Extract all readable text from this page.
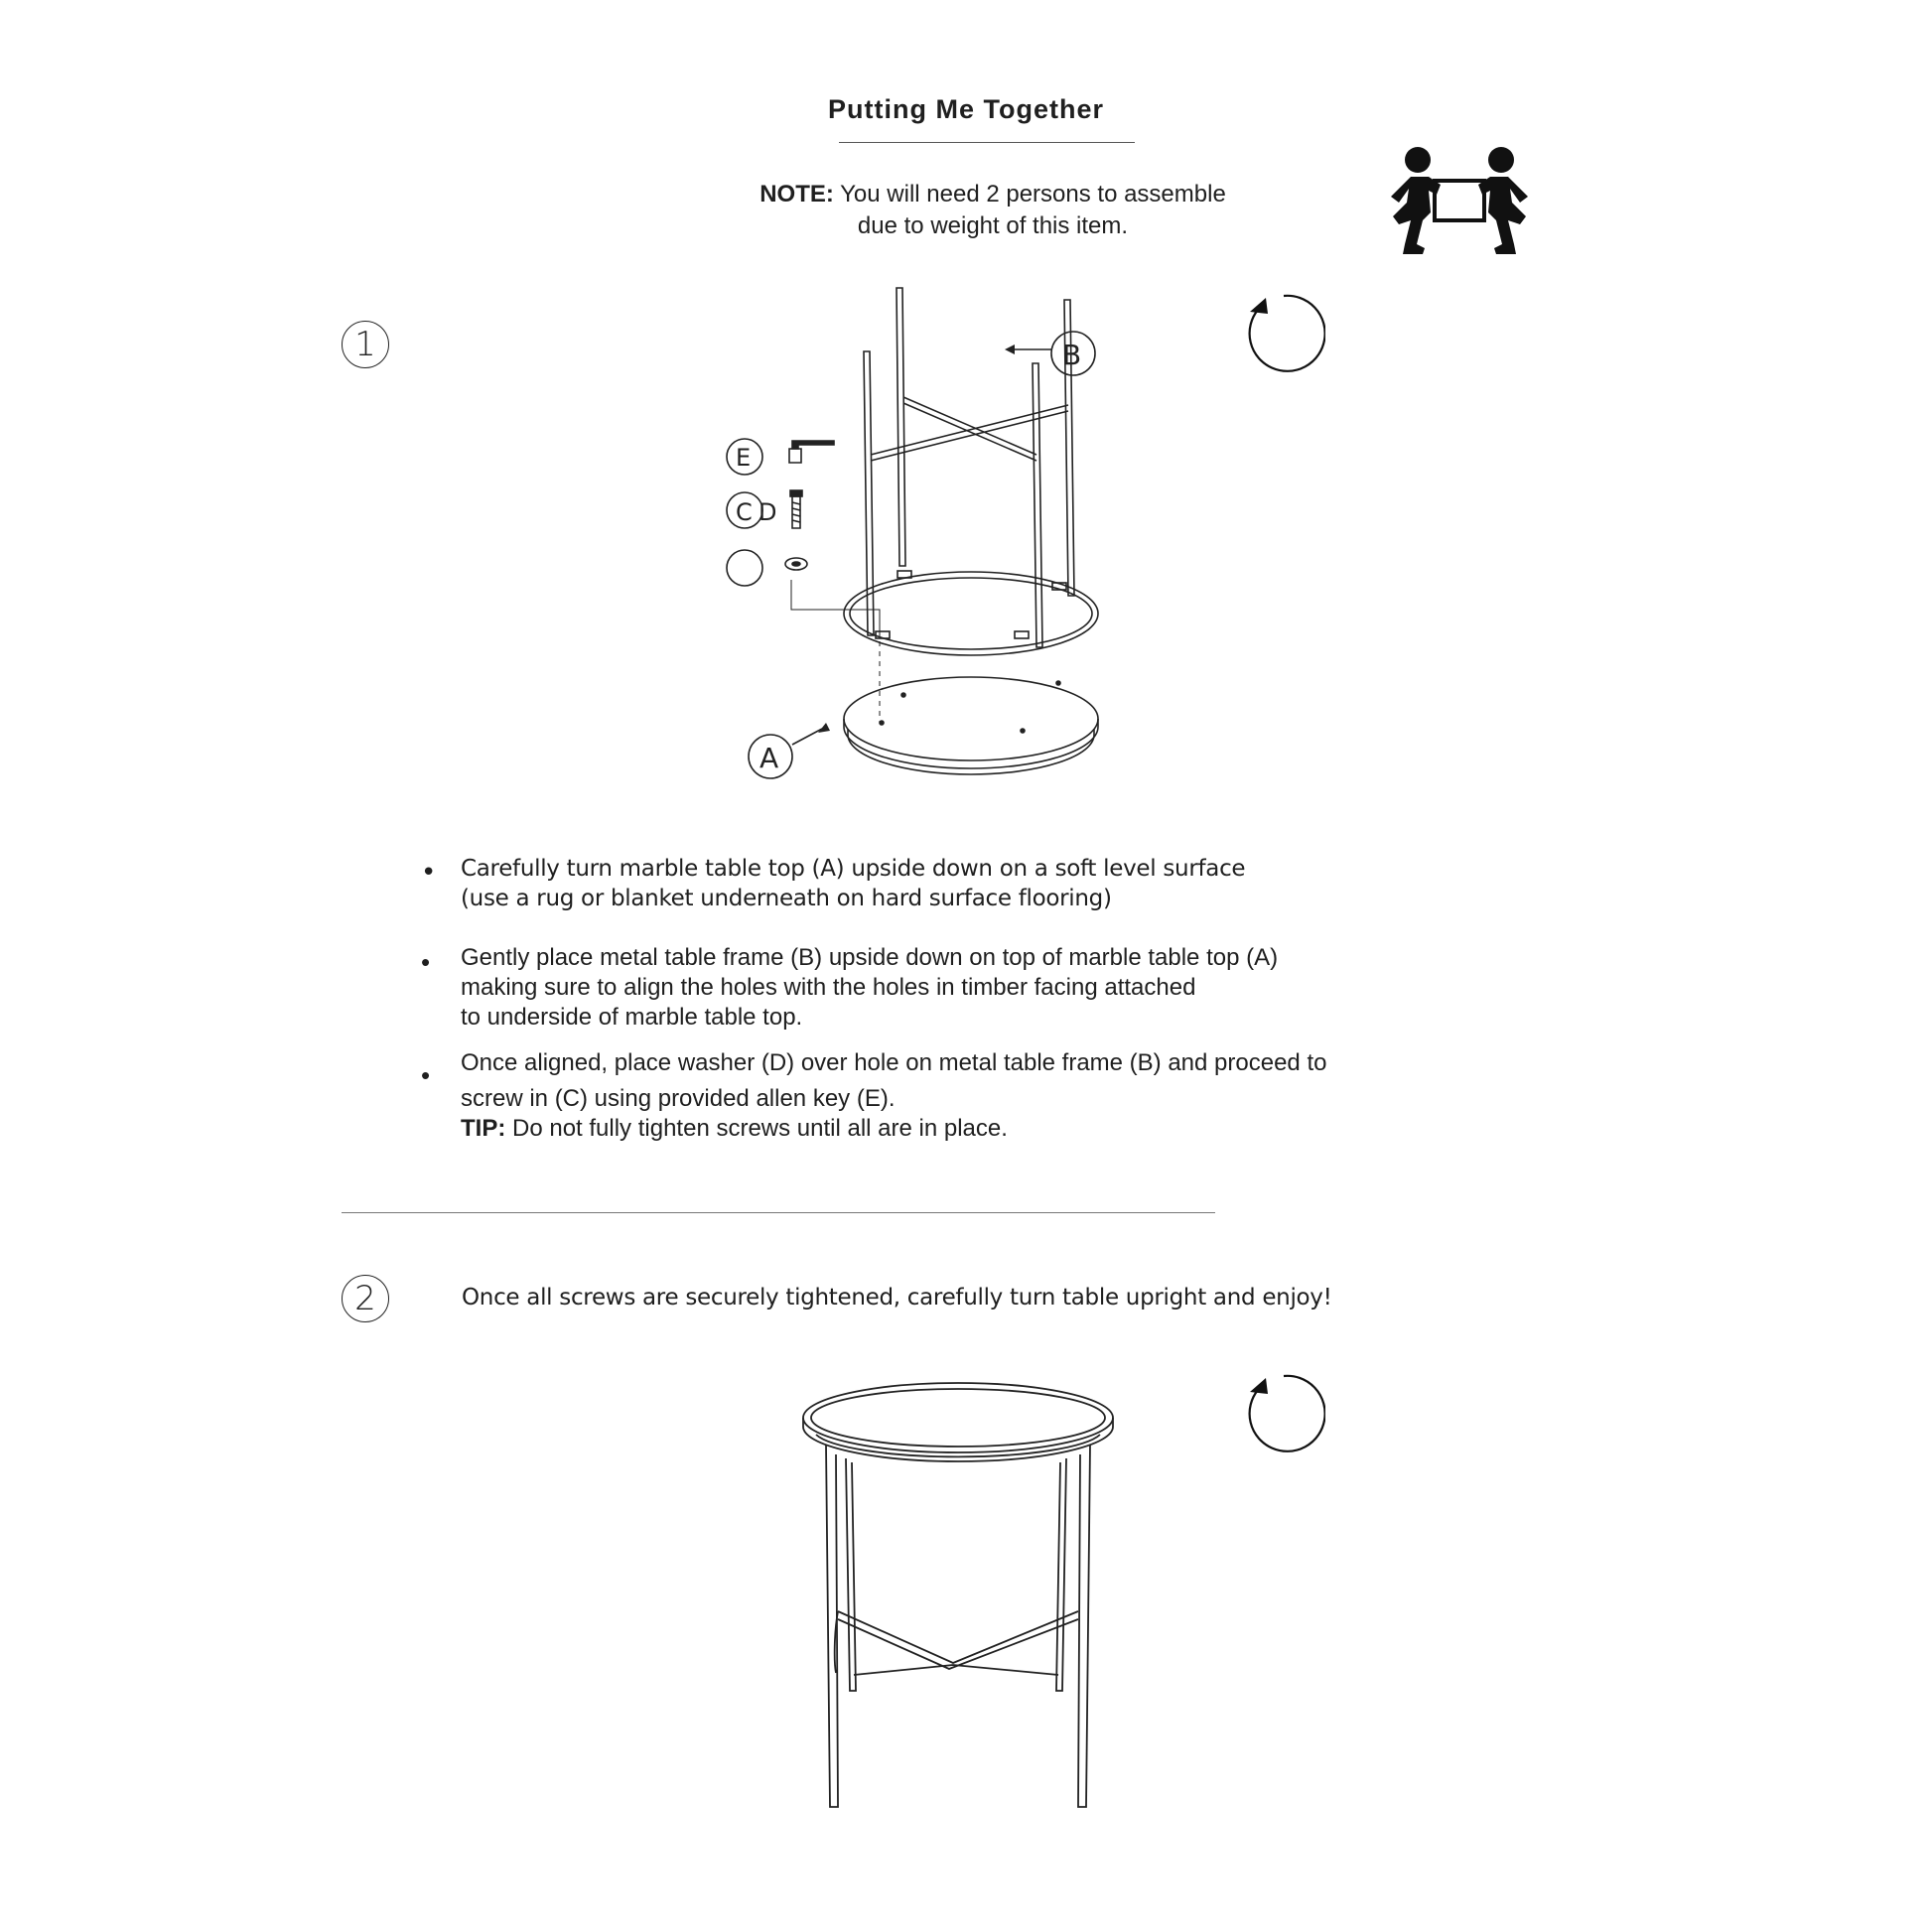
Putting Me Together
NOTE: You will need 2 persons to assemble
due to weight of this item.
1
E
C D
A
B
• Carefully turn marble table top (A) upside down on a soft level surface
(use a rug or blanket underneath on hard surface flooring)
• Gently place metal table frame (B) upside down on top of marble table top (A)
making sure to align the holes with the holes in timber facing attached
to underside of marble table top.
• Once aligned, place washer (D) over hole on metal table frame (B) and proceed to
screw in (C) using provided allen key (E).
TIP: Do not fully tighten screws until all are in place.
2	Once all screws are securely tightened, carefully turn table upright and enjoy!
